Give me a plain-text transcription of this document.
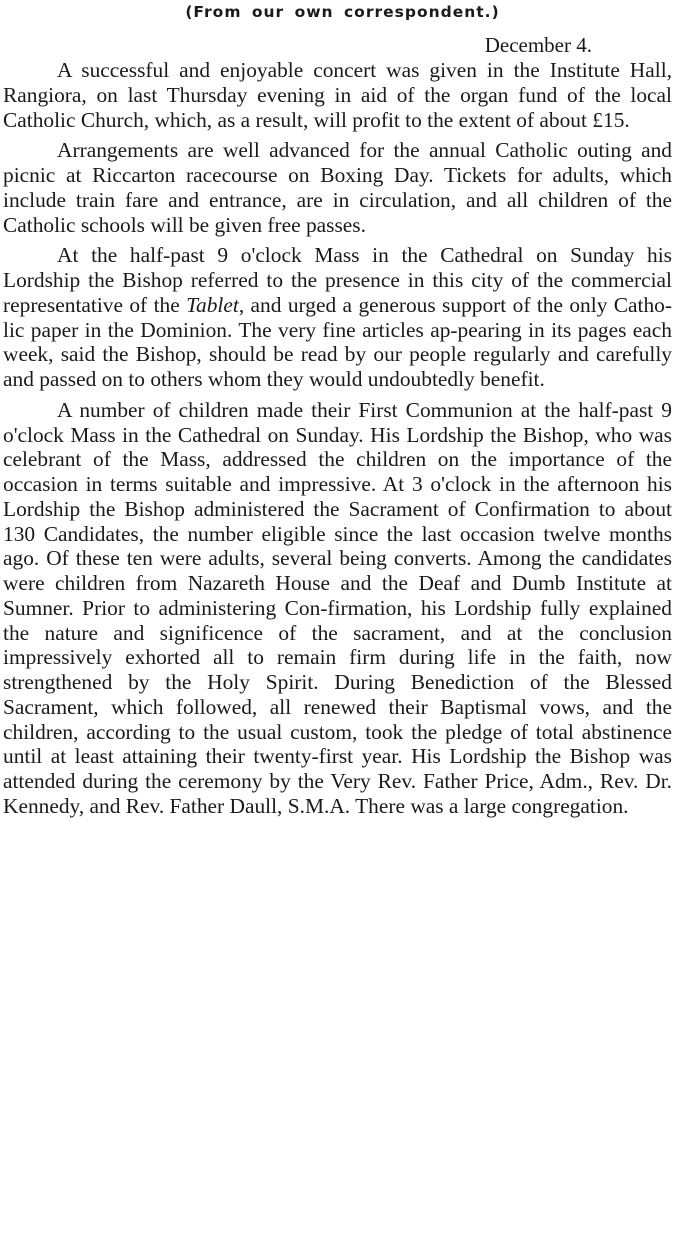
(From our own correspondent.)

December 4.

A successful and enjoyable concert was given in the Institute Hall, Rangiora, on last Thursday evening in aid of the organ fund of the local Catholic Church, which, as a result, will profit to the extent of about £15.

Arrangements are well advanced for the annual Catholic outing and picnic at Riccarton racecourse on Boxing Day. Tickets for adults, which include train fare and entrance, are in circulation, and all children of the Catholic schools will be given free passes.

At the half-past 9 o'clock Mass in the Cathedral on Sunday his Lordship the Bishop referred to the presence in this city of the commercial representative of the Tablet, and urged a generous support of the only Catho-lic paper in the Dominion. The very fine articles ap-pearing in its pages each week, said the Bishop, should be read by our people regularly and carefully and passed on to others whom they would undoubtedly benefit.

A number of children made their First Communion at the half-past 9 o'clock Mass in the Cathedral on Sunday. His Lordship the Bishop, who was celebrant of the Mass, addressed the children on the importance of the occasion in terms suitable and impressive. At 3 o'clock in the afternoon his Lordship the Bishop administered the Sacrament of Confirmation to about 130 Candidates, the number eligible since the last occasion twelve months ago. Of these ten were adults, several being converts. Among the candidates were children from Nazareth House and the Deaf and Dumb Institute at Sumner. Prior to administering Con-firmation, his Lordship fully explained the nature and significence of the sacrament, and at the conclusion impressively exhorted all to remain firm during life in the faith, now strengthened by the Holy Spirit. During Benediction of the Blessed Sacrament, which followed, all renewed their Baptismal vows, and the children, according to the usual custom, took the pledge of total abstinence until at least attaining their twenty-first year. His Lordship the Bishop was attended during the ceremony by the Very Rev. Father Price, Adm., Rev. Dr. Kennedy, and Rev. Father Daull, S.M.A. There was a large congregation.
